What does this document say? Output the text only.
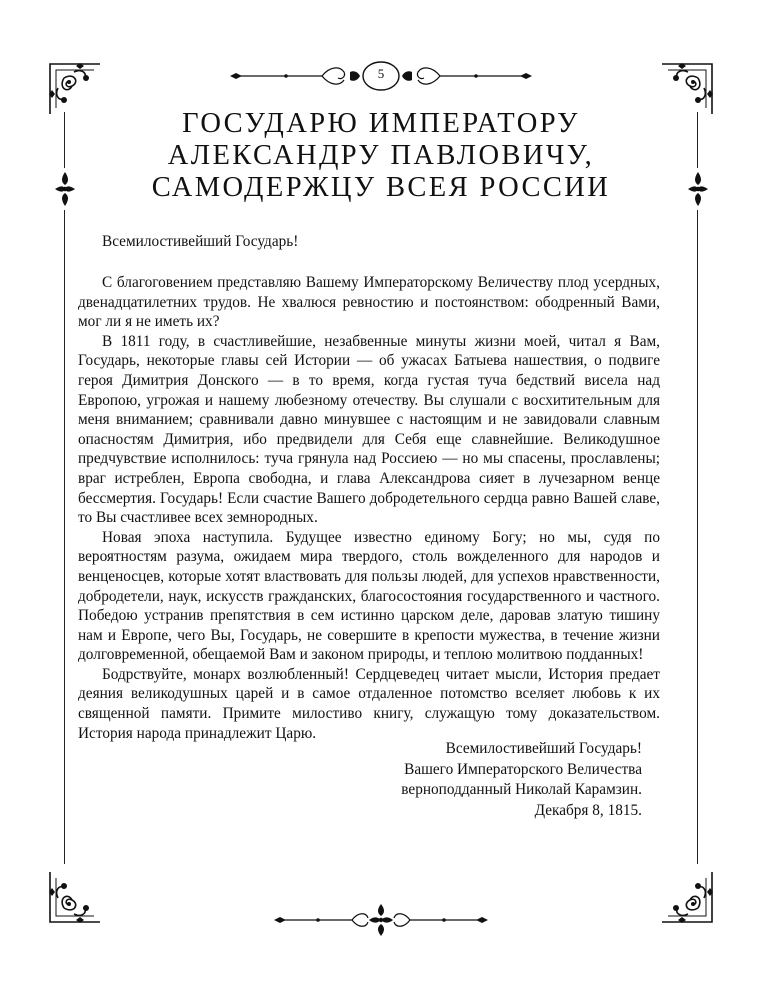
5
ГОСУДАРЮ ИМПЕРАТОРУ
АЛЕКСАНДРУ ПАВЛОВИЧУ,
САМОДЕРЖЦУ ВСЕЯ РОССИИ
Всемилостивейший Государь!

С благоговением представляю Вашему Императорскому Величеству плод усердных, двенадцатилетних трудов. Не хвалюся ревностию и постоянством: ободренный Вами, мог ли я не иметь их?

В 1811 году, в счастливейшие, незабвенные минуты жизни моей, читал я Вам, Государь, некоторые главы сей Истории — об ужасах Батыева нашествия, о подвиге героя Димитрия Донского — в то время, когда густая туча бедствий висела над Европою, угрожая и нашему любезному отечеству. Вы слушали с восхитительным для меня вниманием; сравнивали давно минувшее с настоящим и не завидовали славным опасностям Димитрия, ибо предвидели для Себя еще славнейшие. Великодушное предчувствие исполнилось: туча грянула над Россиею — но мы спасены, прославлены; враг истреблен, Европа свободна, и глава Александрова сияет в лучезарном венце бессмертия. Государь! Если счастие Вашего добродетельного сердца равно Вашей славе, то Вы счастливее всех земнородных.

Новая эпоха наступила. Будущее известно единому Богу; но мы, судя по вероятностям разума, ожидаем мира твердого, столь вожделенного для народов и венценосцев, которые хотят властвовать для пользы людей, для успехов нравственности, добродетели, наук, искусств гражданских, благосостояния государственного и частного. Победою устранив препятствия в сем истинно царском деле, даровав златую тишину нам и Европе, чего Вы, Государь, не совершите в крепости мужества, в течение жизни долговременной, обещаемой Вам и законом природы, и теплою молитвою подданных!

Бодрствуйте, монарх возлюбленный! Сердцеведец читает мысли, История предает деяния великодушных царей и в самое отдаленное потомство вселяет любовь к их священной памяти. Примите милостиво книгу, служащую тому доказательством. История народа принадлежит Царю.

Всемилостивейший Государь!
Вашего Императорского Величества
верноподданный Николай Карамзин.
Декабря 8, 1815.
